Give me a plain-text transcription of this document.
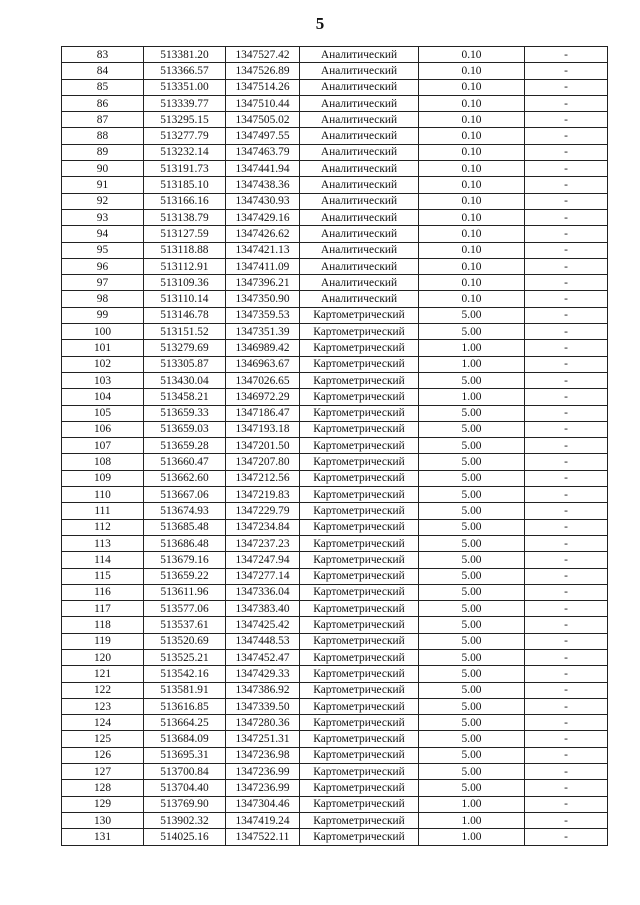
5
83	513381.20	1347527.42	Аналитический	0.10	-
84	513366.57	1347526.89	Аналитический	0.10	-
85	513351.00	1347514.26	Аналитический	0.10	-
86	513339.77	1347510.44	Аналитический	0.10	-
87	513295.15	1347505.02	Аналитический	0.10	-
88	513277.79	1347497.55	Аналитический	0.10	-
89	513232.14	1347463.79	Аналитический	0.10	-
90	513191.73	1347441.94	Аналитический	0.10	-
91	513185.10	1347438.36	Аналитический	0.10	-
92	513166.16	1347430.93	Аналитический	0.10	-
93	513138.79	1347429.16	Аналитический	0.10	-
94	513127.59	1347426.62	Аналитический	0.10	-
95	513118.88	1347421.13	Аналитический	0.10	-
96	513112.91	1347411.09	Аналитический	0.10	-
97	513109.36	1347396.21	Аналитический	0.10	-
98	513110.14	1347350.90	Аналитический	0.10	-
99	513146.78	1347359.53	Картометрический	5.00	-
100	513151.52	1347351.39	Картометрический	5.00	-
101	513279.69	1346989.42	Картометрический	1.00	-
102	513305.87	1346963.67	Картометрический	1.00	-
103	513430.04	1347026.65	Картометрический	5.00	-
104	513458.21	1346972.29	Картометрический	1.00	-
105	513659.33	1347186.47	Картометрический	5.00	-
106	513659.03	1347193.18	Картометрический	5.00	-
107	513659.28	1347201.50	Картометрический	5.00	-
108	513660.47	1347207.80	Картометрический	5.00	-
109	513662.60	1347212.56	Картометрический	5.00	-
110	513667.06	1347219.83	Картометрический	5.00	-
111	513674.93	1347229.79	Картометрический	5.00	-
112	513685.48	1347234.84	Картометрический	5.00	-
113	513686.48	1347237.23	Картометрический	5.00	-
114	513679.16	1347247.94	Картометрический	5.00	-
115	513659.22	1347277.14	Картометрический	5.00	-
116	513611.96	1347336.04	Картометрический	5.00	-
117	513577.06	1347383.40	Картометрический	5.00	-
118	513537.61	1347425.42	Картометрический	5.00	-
119	513520.69	1347448.53	Картометрический	5.00	-
120	513525.21	1347452.47	Картометрический	5.00	-
121	513542.16	1347429.33	Картометрический	5.00	-
122	513581.91	1347386.92	Картометрический	5.00	-
123	513616.85	1347339.50	Картометрический	5.00	-
124	513664.25	1347280.36	Картометрический	5.00	-
125	513684.09	1347251.31	Картометрический	5.00	-
126	513695.31	1347236.98	Картометрический	5.00	-
127	513700.84	1347236.99	Картометрический	5.00	-
128	513704.40	1347236.99	Картометрический	5.00	-
129	513769.90	1347304.46	Картометрический	1.00	-
130	513902.32	1347419.24	Картометрический	1.00	-
131	514025.16	1347522.11	Картометрический	1.00	-
